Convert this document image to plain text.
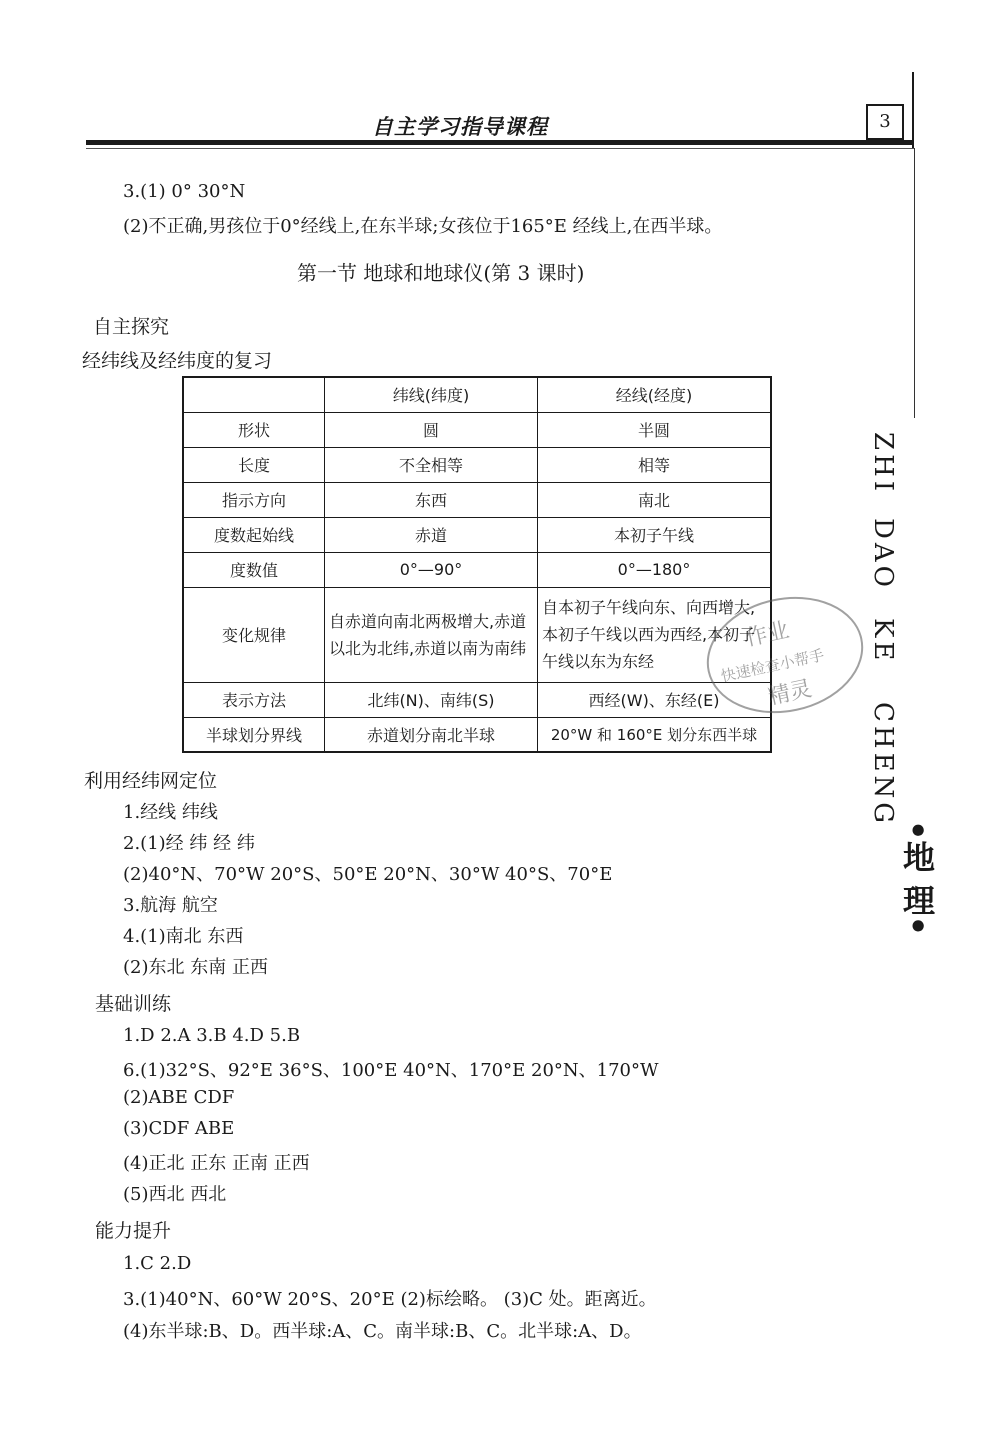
自主学习指导课程	3
ZHI
DAO
KE
CHENG
•地 理•
3.(1) 0° 30°N
(2)不正确,男孩位于0°经线上,在东半球;女孩位于165°E 经线上,在西半球。
第一节 地球和地球仪(第 3 课时)
自主探究
经纬线及经纬度的复习
	纬线(纬度)	经线(经度)
形状	圆	半圆
长度	不全相等	相等
指示方向	东西	南北
度数起始线	赤道	本初子午线
度数值	0°—90°	0°—180°
变化规律	自赤道向南北两极增大,赤道以北为北纬,赤道以南为南纬	自本初子午线向东、向西增大,本初子午线以西为西经,本初子午线以东为东经
表示方法	北纬(N)、南纬(S)	西经(W)、东经(E)
半球划分界线	赤道划分南北半球	20°W 和 160°E 划分东西半球
作业
快速检查小帮手
精灵
利用经纬网定位
1.经线 纬线
2.(1)经 纬 经 纬
(2)40°N、70°W 20°S、50°E 20°N、30°W 40°S、70°E
3.航海 航空
4.(1)南北 东西
(2)东北 东南 正西
基础训练
1.D 2.A 3.B 4.D 5.B
6.(1)32°S、92°E 36°S、100°E 40°N、170°E 20°N、170°W
(2)ABE CDF
(3)CDF ABE
(4)正北 正东 正南 正西
(5)西北 西北
能力提升
1.C 2.D
3.(1)40°N、60°W 20°S、20°E (2)标绘略。 (3)C 处。距离近。
(4)东半球:B、D。西半球:A、C。南半球:B、C。北半球:A、D。
